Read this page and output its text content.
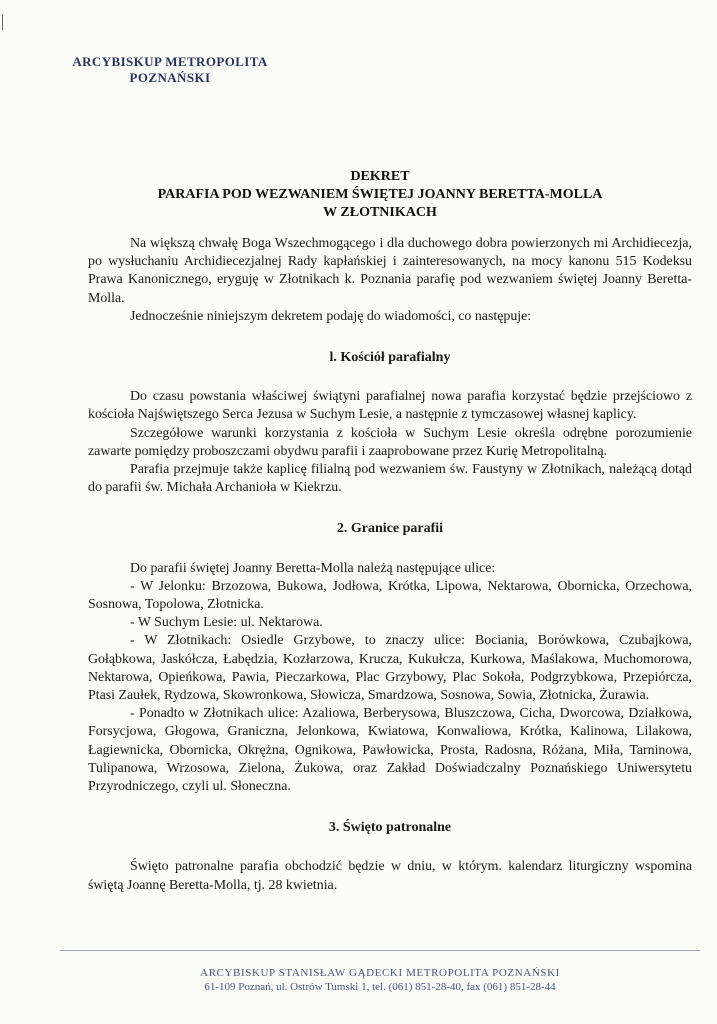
ARCYBISKUP METROPOLITA
POZNAŃSKI
DEKRET
PARAFIA POD WEZWANIEM ŚWIĘTEJ JOANNY BERETTA-MOLLA
W ZŁOTNIKACH

Na większą chwałę Boga Wszechmogącego i dla duchowego dobra powierzonych mi Archidiecezja, po wysłuchaniu Archidiecezjalnej Rady kapłańskiej i zainteresowanych, na mocy kanonu 515 Kodeksu Prawa Kanonicznego, eryguję w Złotnikach k. Poznania parafię pod wezwaniem świętej Joanny Beretta-Molla.

Jednocześnie niniejszym dekretem podaję do wiadomości, co następuje:

l. Kościół parafialny

Do czasu powstania właściwej świątyni parafialnej nowa parafia korzystać będzie przejściowo z kościoła Najświętszego Serca Jezusa w Suchym Lesie, a następnie z tymczasowej własnej kaplicy.

Szczegółowe warunki korzystania z kościoła w Suchym Lesie określa odrębne porozumienie zawarte pomiędzy proboszczami obydwu parafii i zaaprobowane przez Kurię Metropolitalną.

Parafia przejmuje także kaplicę filialną pod wezwaniem św. Faustyny w Złotnikach, należącą dotąd do parafii św. Michała Archanioła w Kiekrzu.

2. Granice parafii

Do parafii świętej Joanny Beretta-Molla należą następujące ulice:

- W Jelonku: Brzozowa, Bukowa, Jodłowa, Krótka, Lipowa, Nektarowa, Obornicka, Orzechowa, Sosnowa, Topolowa, Złotnicka.

- W Suchym Lesie: ul. Nektarowa.

- W Złotnikach: Osiedle Grzybowe, to znaczy ulice: Bociania, Borówkowa, Czubajkowa, Gołąbkowa, Jaskółcza, Łabędzia, Kozłarzowa, Krucza, Kukułcza, Kurkowa, Maślakowa, Muchomorowa, Nektarowa, Opieńkowa, Pawia, Pieczarkowa, Plac Grzybowy, Plac Sokoła, Podgrzybkowa, Przepiórcza, Ptasi Zaułek, Rydzowa, Skowronkowa, Słowicza, Smardzowa, Sosnowa, Sowia, Złotnicka, Żurawia.

- Ponadto w Złotnikach ulice: Azaliowa, Berberysowa, Bluszczowa, Cicha, Dworcowa, Działkowa, Forsycjowa, Głogowa, Graniczna, Jelonkowa, Kwiatowa, Konwaliowa, Krótka, Kalinowa, Lilakowa, Łagiewnicka, Obornicka, Okrężna, Ognikowa, Pawłowicka, Prosta, Radosna, Różana, Miła, Tarninowa, Tulipanowa, Wrzosowa, Zielona, Żukowa, oraz Zakład Doświadczalny Poznańskiego Uniwersytetu Przyrodniczego, czyli ul. Słoneczna.

3. Święto patronalne

Święto patronalne parafia obchodzić będzie w dniu, w którym. kalendarz liturgiczny wspomina świętą Joannę Beretta-Molla, tj. 28 kwietnia.

ARCYBISKUP STANISŁAW GĄDECKI METROPOLITA POZNAŃSKI
61-109 Poznań, ul. Ostrów Tumski 1, tel. (061) 851-28-40, fax (061) 851-28-44
